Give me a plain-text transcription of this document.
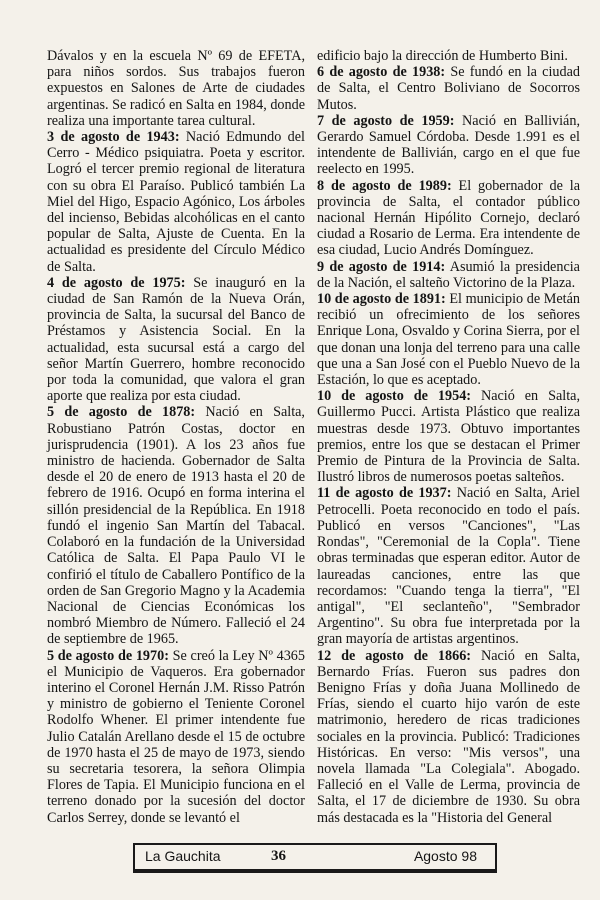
Dávalos y en la escuela Nº 69 de EFETA, para niños sordos. Sus trabajos fueron expuestos en Salones de Arte de ciudades argentinas. Se radicó en Salta en 1984, donde realiza una importante tarea cultural.

3 de agosto de 1943: Nació Edmundo del Cerro - Médico psiquiatra. Poeta y escritor. Logró el tercer premio regional de literatura con su obra El Paraíso. Publicó también La Miel del Higo, Espacio Agónico, Los árboles del incienso, Bebidas alcohólicas en el canto popular de Salta, Ajuste de Cuenta. En la actualidad es presidente del Círculo Médico de Salta.

4 de agosto de 1975: Se inauguró en la ciudad de San Ramón de la Nueva Orán, provincia de Salta, la sucursal del Banco de Préstamos y Asistencia Social. En la actualidad, esta sucursal está a cargo del señor Martín Guerrero, hombre reconocido por toda la comunidad, que valora el gran aporte que realiza por esta ciudad.

5 de agosto de 1878: Nació en Salta, Robustiano Patrón Costas, doctor en jurisprudencia (1901). A los 23 años fue ministro de hacienda. Gobernador de Salta desde el 20 de enero de 1913 hasta el 20 de febrero de 1916. Ocupó en forma interina el sillón presidencial de la República. En 1918 fundó el ingenio San Martín del Tabacal. Colaboró en la fundación de la Universidad Católica de Salta. El Papa Paulo VI le confirió el título de Caballero Pontífico de la orden de San Gregorio Magno y la Academia Nacional de Ciencias Económicas los nombró Miembro de Número. Falleció el 24 de septiembre de 1965.

5 de agosto de 1970: Se creó la Ley Nº 4365 el Municipio de Vaqueros. Era gobernador interino el Coronel Hernán J.M. Risso Patrón y ministro de gobierno el Teniente Coronel Rodolfo Whener. El primer intendente fue Julio Catalán Arellano desde el 15 de octubre de 1970 hasta el 25 de mayo de 1973, siendo su secretaria tesorera, la señora Olimpia Flores de Tapia. El Municipio funciona en el terreno donado por la sucesión del doctor Carlos Serrey, donde se levantó el

edificio bajo la dirección de Humberto Bini.

6 de agosto de 1938: Se fundó en la ciudad de Salta, el Centro Boliviano de Socorros Mutos.

7 de agosto de 1959: Nació en Ballivián, Gerardo Samuel Córdoba. Desde 1.991 es el intendente de Ballivián, cargo en el que fue reelecto en 1995.

8 de agosto de 1989: El gobernador de la provincia de Salta, el contador público nacional Hernán Hipólito Cornejo, declaró ciudad a Rosario de Lerma. Era intendente de esa ciudad, Lucio Andrés Domínguez.

9 de agosto de 1914: Asumió la presidencia de la Nación, el salteño Victorino de la Plaza.

10 de agosto de 1891: El municipio de Metán recibió un ofrecimiento de los señores Enrique Lona, Osvaldo y Corina Sierra, por el que donan una lonja del terreno para una calle que una a San José con el Pueblo Nuevo de la Estación, lo que es aceptado.

10 de agosto de 1954: Nació en Salta, Guillermo Pucci. Artista Plástico que realiza muestras desde 1973. Obtuvo importantes premios, entre los que se destacan el Primer Premio de Pintura de la Provincia de Salta. Ilustró libros de numerosos poetas salteños.

11 de agosto de 1937: Nació en Salta, Ariel Petrocelli. Poeta reconocido en todo el país. Publicó en versos "Canciones", "Las Rondas", "Ceremonial de la Copla". Tiene obras terminadas que esperan editor. Autor de laureadas canciones, entre las que recordamos: "Cuando tenga la tierra", "El antigal", "El seclanteño", "Sembrador Argentino". Su obra fue interpretada por la gran mayoría de artistas argentinos.

12 de agosto de 1866: Nació en Salta, Bernardo Frías. Fueron sus padres don Benigno Frías y doña Juana Mollinedo de Frías, siendo el cuarto hijo varón de este matrimonio, heredero de ricas tradiciones sociales en la provincia. Publicó: Tradiciones Históricas. En verso: "Mis versos", una novela llamada "La Colegiala". Abogado. Falleció en el Valle de Lerma, provincia de Salta, el 17 de diciembre de 1930. Su obra más destacada es la "Historia del General

La Gauchita	36	Agosto 98
